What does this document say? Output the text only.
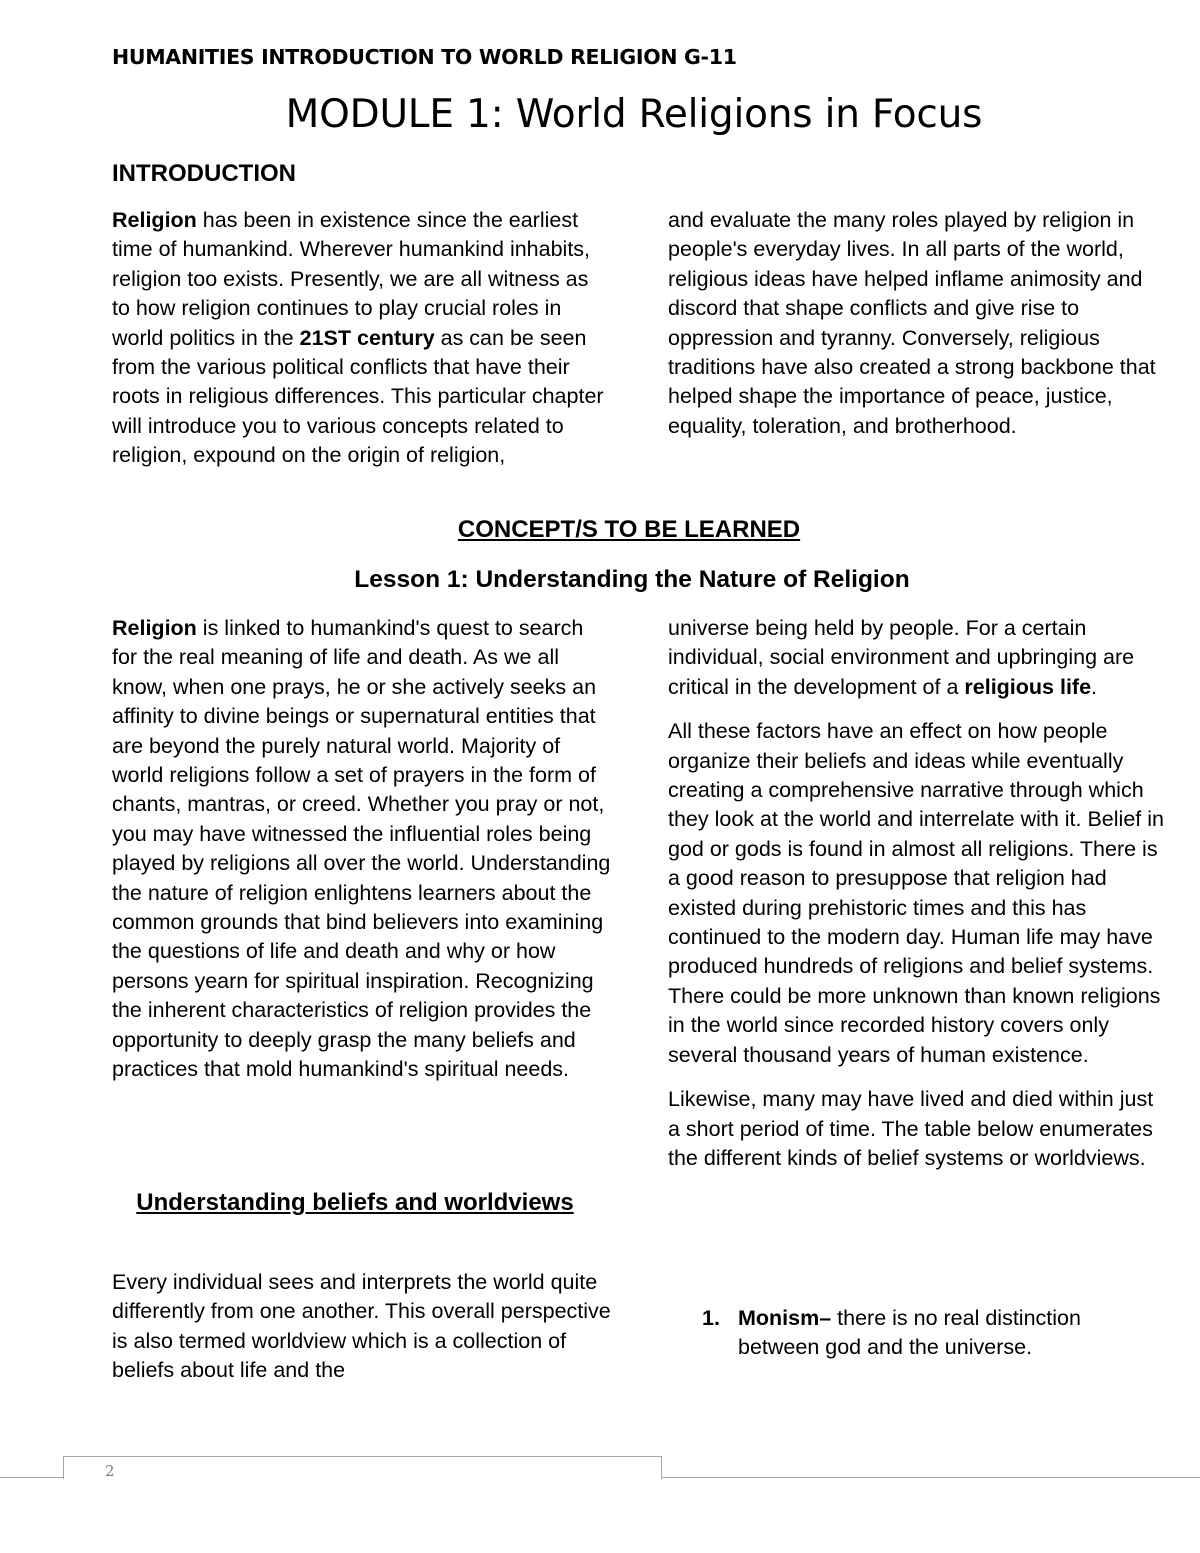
HUMANITIES INTRODUCTION TO WORLD RELIGION G-11
MODULE 1: World Religions in Focus
INTRODUCTION

Religion has been in existence since the earliest time of humankind. Wherever humankind inhabits, religion too exists. Presently, we are all witness as to how religion continues to play crucial roles in world politics in the 21ST century as can be seen from the various political conflicts that have their roots in religious differences. This particular chapter will introduce you to various concepts related to religion, expound on the origin of religion,

and evaluate the many roles played by religion in people's everyday lives. In all parts of the world, religious ideas have helped inflame animosity and discord that shape conflicts and give rise to oppression and tyranny. Conversely, religious traditions have also created a strong backbone that helped shape the importance of peace, justice, equality, toleration, and brotherhood.

CONCEPT/S TO BE LEARNED
Lesson 1: Understanding the Nature of Religion

Religion is linked to humankind's quest to search for the real meaning of life and death. As we all know, when one prays, he or she actively seeks an affinity to divine beings or supernatural entities that are beyond the purely natural world. Majority of world religions follow a set of prayers in the form of chants, mantras, or creed. Whether you pray or not, you may have witnessed the influential roles being played by religions all over the world. Understanding the nature of religion enlightens learners about the common grounds that bind believers into examining the questions of life and death and why or how persons yearn for spiritual inspiration. Recognizing the inherent characteristics of religion provides the opportunity to deeply grasp the many beliefs and practices that mold humankind's spiritual needs.

Understanding beliefs and worldviews

Every individual sees and interprets the world quite differently from one another. This overall perspective is also termed worldview which is a collection of beliefs about life and the

universe being held by people. For a certain individual, social environment and upbringing are critical in the development of a religious life.

All these factors have an effect on how people organize their beliefs and ideas while eventually creating a comprehensive narrative through which they look at the world and interrelate with it. Belief in god or gods is found in almost all religions. There is a good reason to presuppose that religion had existed during prehistoric times and this has continued to the modern day. Human life may have produced hundreds of religions and belief systems. There could be more unknown than known religions in the world since recorded history covers only several thousand years of human existence.

Likewise, many may have lived and died within just a short period of time. The table below enumerates the different kinds of belief systems or worldviews.

1. Monism– there is no real distinction between god and the universe.
2
